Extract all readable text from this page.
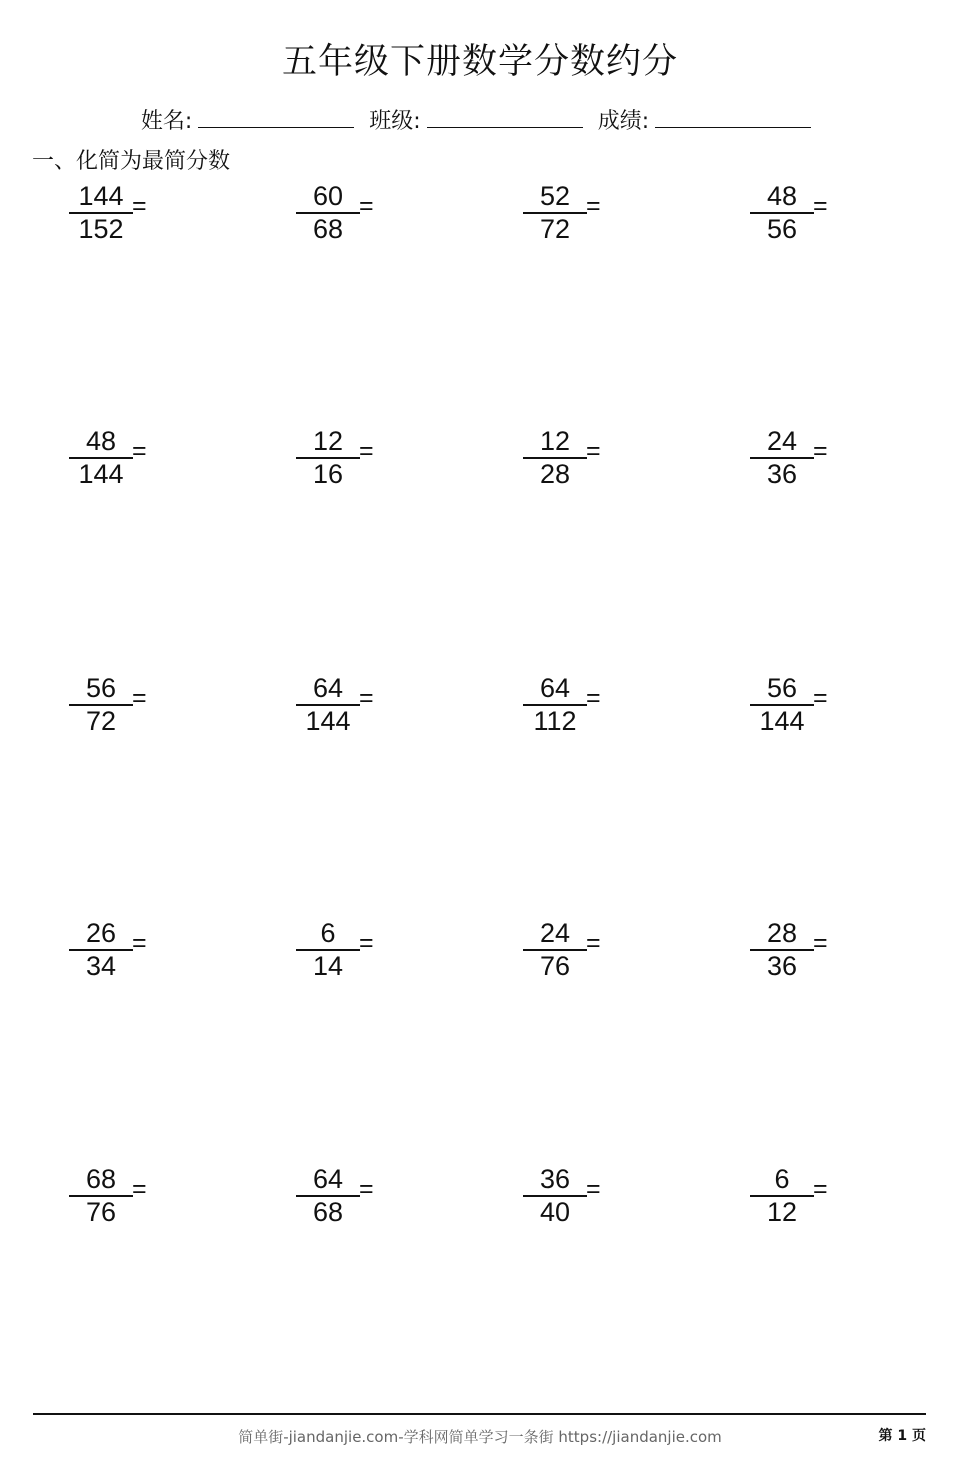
五年级下册数学分数约分
姓名:	班级:	成绩:
一、化简为最简分数
144
152
=	60
68
=	52
72
=	48
56
=
48
144
=	12
16
=	12
28
=	24
36
=
56
72
=	64
144
=	64
112
=	56
144
=
26
34
=	6
14
=	24
76
=	28
36
=
68
76
=	64
68
=	36
40
=	6
12
=
简单街-jiandanjie.com-学科网简单学习一条街 https://jiandanjie.com	第 1 页
